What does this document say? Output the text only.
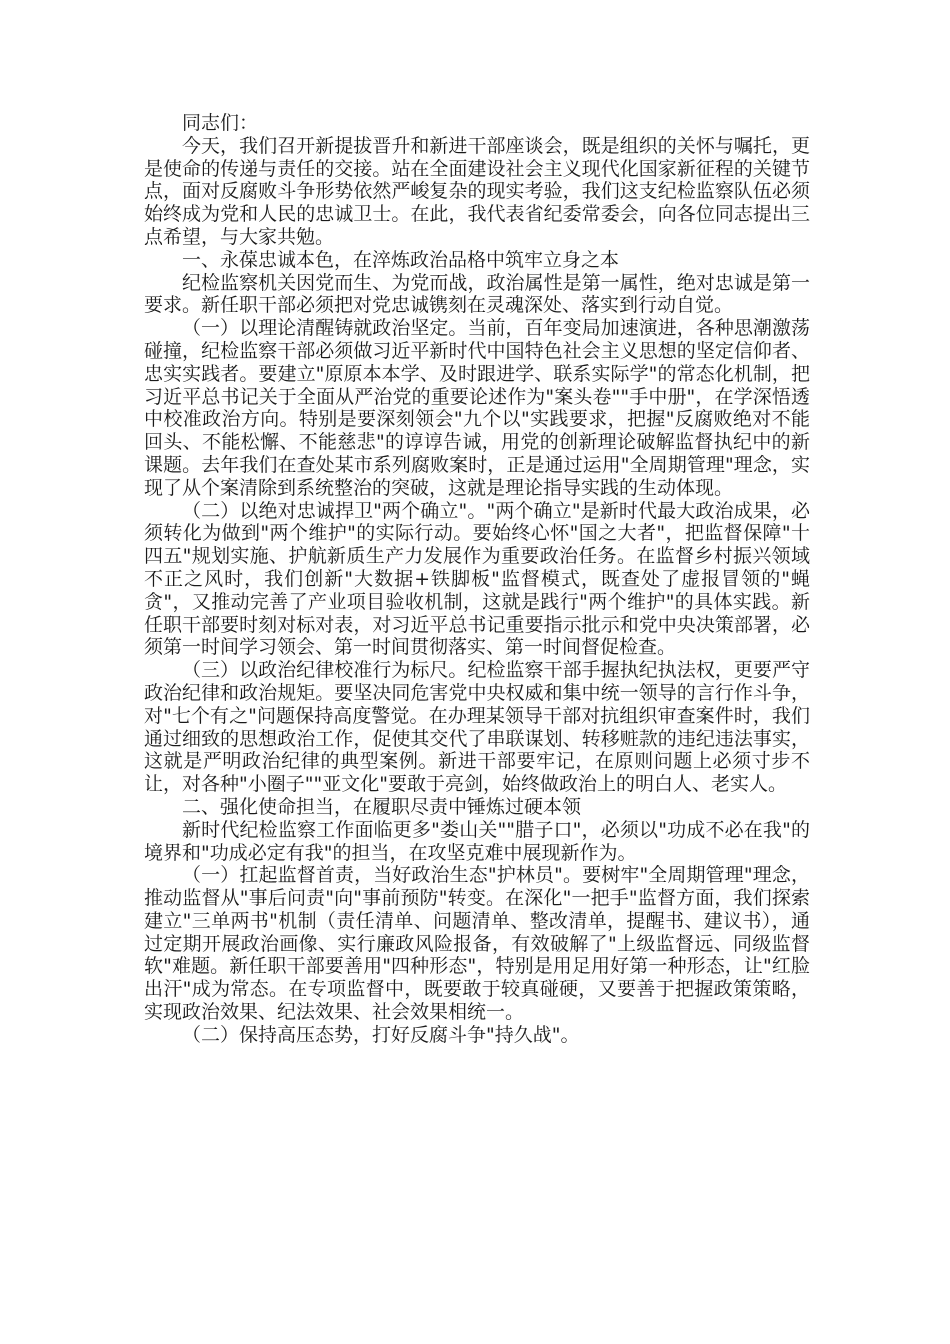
同志们：

今天，我们召开新提拔晋升和新进干部座谈会，既是组织的关怀与嘱托，更是使命的传递与责任的交接。站在全面建设社会主义现代化国家新征程的关键节点，面对反腐败斗争形势依然严峻复杂的现实考验，我们这支纪检监察队伍必须始终成为党和人民的忠诚卫士。在此，我代表省纪委常委会，向各位同志提出三点希望，与大家共勉。

一、永葆忠诚本色，在淬炼政治品格中筑牢立身之本

纪检监察机关因党而生、为党而战，政治属性是第一属性，绝对忠诚是第一要求。新任职干部必须把对党忠诚镌刻在灵魂深处、落实到行动自觉。

（一）以理论清醒铸就政治坚定。当前，百年变局加速演进，各种思潮激荡碰撞，纪检监察干部必须做习近平新时代中国特色社会主义思想的坚定信仰者、忠实实践者。要建立"原原本本学、及时跟进学、联系实际学"的常态化机制，把习近平总书记关于全面从严治党的重要论述作为"案头卷""手中册"，在学深悟透中校准政治方向。特别是要深刻领会"九个以"实践要求，把握"反腐败绝对不能回头、不能松懈、不能慈悲"的谆谆告诫，用党的创新理论破解监督执纪中的新课题。去年我们在查处某市系列腐败案时，正是通过运用"全周期管理"理念，实现了从个案清除到系统整治的突破，这就是理论指导实践的生动体现。

（二）以绝对忠诚捍卫"两个确立"。"两个确立"是新时代最大政治成果，必须转化为做到"两个维护"的实际行动。要始终心怀"国之大者"，把监督保障"十四五"规划实施、护航新质生产力发展作为重要政治任务。在监督乡村振兴领域不正之风时，我们创新"大数据+铁脚板"监督模式，既查处了虚报冒领的"蝇贪"，又推动完善了产业项目验收机制，这就是践行"两个维护"的具体实践。新任职干部要时刻对标对表，对习近平总书记重要指示批示和党中央决策部署，必须第一时间学习领会、第一时间贯彻落实、第一时间督促检查。

（三）以政治纪律校准行为标尺。纪检监察干部手握执纪执法权，更要严守政治纪律和政治规矩。要坚决同危害党中央权威和集中统一领导的言行作斗争，对"七个有之"问题保持高度警觉。在办理某领导干部对抗组织审查案件时，我们通过细致的思想政治工作，促使其交代了串联谋划、转移赃款的违纪违法事实，这就是严明政治纪律的典型案例。新进干部要牢记，在原则问题上必须寸步不让，对各种"小圈子""亚文化"要敢于亮剑，始终做政治上的明白人、老实人。

二、强化使命担当，在履职尽责中锤炼过硬本领

新时代纪检监察工作面临更多"娄山关""腊子口"，必须以"功成不必在我"的境界和"功成必定有我"的担当，在攻坚克难中展现新作为。

（一）扛起监督首责，当好政治生态"护林员"。要树牢"全周期管理"理念，推动监督从"事后问责"向"事前预防"转变。在深化"一把手"监督方面，我们探索建立"三单两书"机制（责任清单、问题清单、整改清单，提醒书、建议书），通过定期开展政治画像、实行廉政风险报备，有效破解了"上级监督远、同级监督软"难题。新任职干部要善用"四种形态"，特别是用足用好第一种形态，让"红脸出汗"成为常态。在专项监督中，既要敢于较真碰硬，又要善于把握政策策略，实现政治效果、纪法效果、社会效果相统一。

（二）保持高压态势，打好反腐斗争"持久战"。
